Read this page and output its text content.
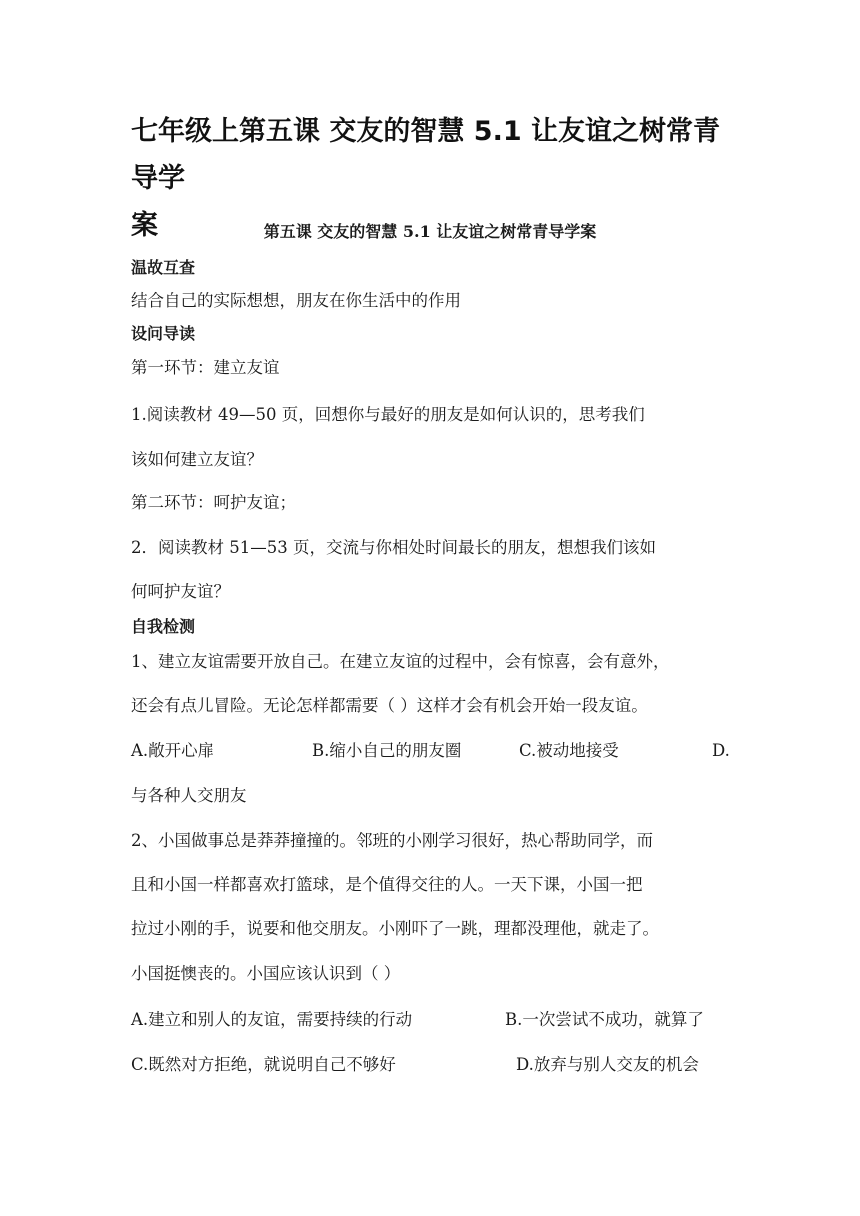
七年级上第五课 交友的智慧 5.1 让友谊之树常青导学
案	第五课 交友的智慧 5.1 让友谊之树常青导学案

温故互查

结合自己的实际想想，朋友在你生活中的作用

设问导读

第一环节：建立友谊

1.阅读教材 49—50 页，回想你与最好的朋友是如何认识的，思考我们

该如何建立友谊？

第二环节：呵护友谊；

2．阅读教材 51—53 页，交流与你相处时间最长的朋友，想想我们该如

何呵护友谊？

自我检测

1、建立友谊需要开放自己。在建立友谊的过程中，会有惊喜，会有意外，

还会有点儿冒险。无论怎样都需要（ ）这样才会有机会开始一段友谊。

A.敞开心扉	B.缩小自己的朋友圈	C.被动地接受	D.

与各种人交朋友

2、小国做事总是莽莽撞撞的。邻班的小刚学习很好，热心帮助同学，而

且和小国一样都喜欢打篮球，是个值得交往的人。一天下课，小国一把

拉过小刚的手，说要和他交朋友。小刚吓了一跳，理都没理他，就走了。

小国挺懊丧的。小国应该认识到（ ）

A.建立和别人的友谊，需要持续的行动	B.一次尝试不成功，就算了
C.既然对方拒绝，就说明自己不够好	D.放弃与别人交友的机会
